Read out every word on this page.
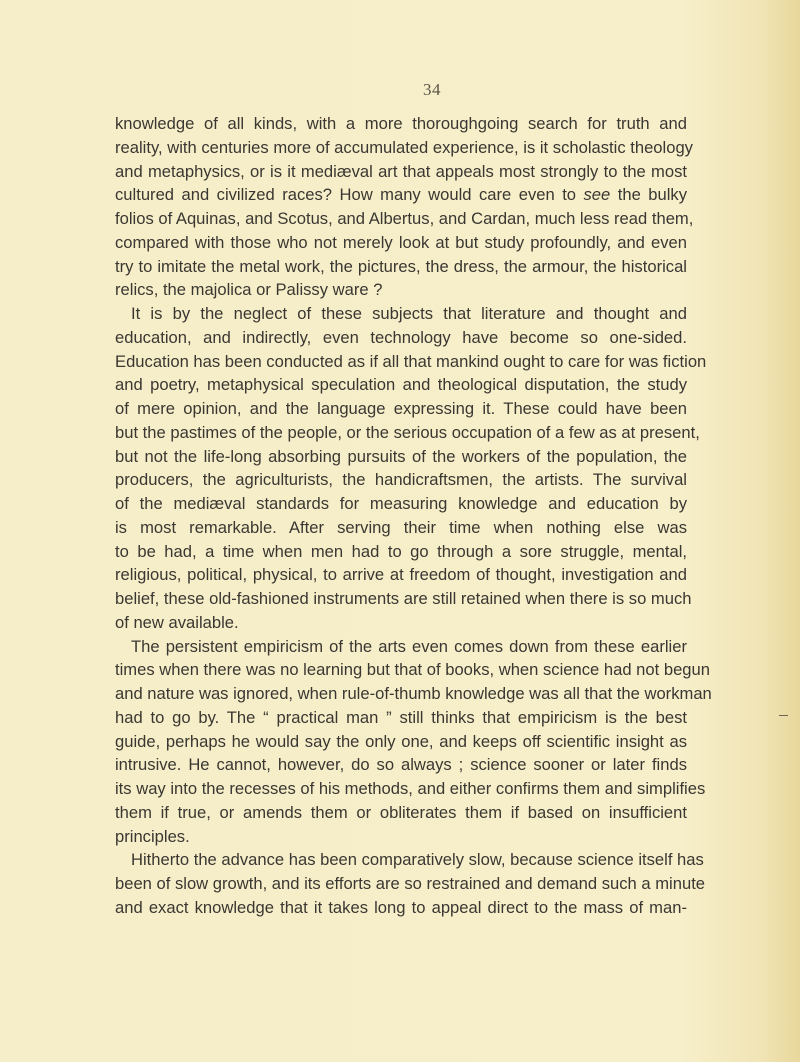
34
knowledge of all kinds, with a more thoroughgoing search for truth and
reality, with centuries more of accumulated experience, is it scholastic theology
and metaphysics, or is it mediæval art that appeals most strongly to the most
cultured and civilized races? How many would care even to see the bulky
folios of Aquinas, and Scotus, and Albertus, and Cardan, much less read them,
compared with those who not merely look at but study profoundly, and even
try to imitate the metal work, the pictures, the dress, the armour, the historical
relics, the majolica or Palissy ware ?
It is by the neglect of these subjects that literature and thought and
education, and indirectly, even technology have become so one-sided.
Education has been conducted as if all that mankind ought to care for was fiction
and poetry, metaphysical speculation and theological disputation, the study
of mere opinion, and the language expressing it. These could have been
but the pastimes of the people, or the serious occupation of a few as at present,
but not the life-long absorbing pursuits of the workers of the population, the
producers, the agriculturists, the handicraftsmen, the artists. The survival
of the mediæval standards for measuring knowledge and education by
is most remarkable. After serving their time when nothing else was
to be had, a time when men had to go through a sore struggle, mental,
religious, political, physical, to arrive at freedom of thought, investigation and
belief, these old-fashioned instruments are still retained when there is so much
of new available.
The persistent empiricism of the arts even comes down from these earlier
times when there was no learning but that of books, when science had not begun
and nature was ignored, when rule-of-thumb knowledge was all that the workman
had to go by. The “ practical man ” still thinks that empiricism is the best
guide, perhaps he would say the only one, and keeps off scientific insight as
intrusive. He cannot, however, do so always ; science sooner or later finds
its way into the recesses of his methods, and either confirms them and simplifies
them if true, or amends them or obliterates them if based on insufficient
principles.
Hitherto the advance has been comparatively slow, because science itself has
been of slow growth, and its efforts are so restrained and demand such a minute
and exact knowledge that it takes long to appeal direct to the mass of man-
